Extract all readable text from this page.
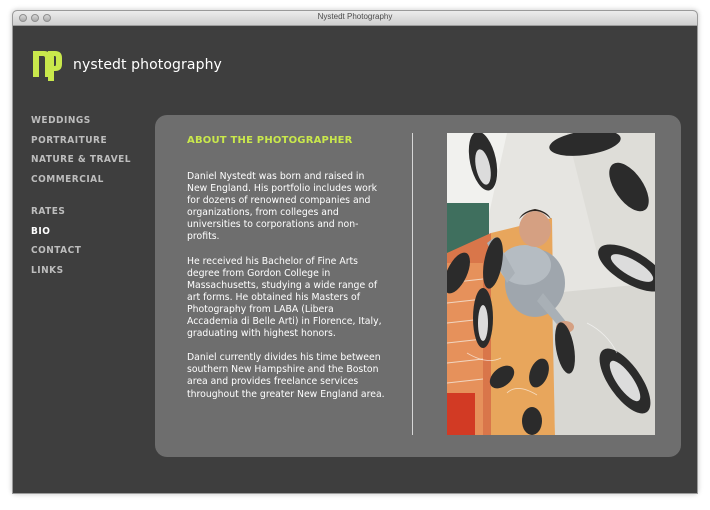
Nystedt Photography
nystedt photography
WEDDINGS
PORTRAITURE
NATURE & TRAVEL
COMMERCIAL
RATES
BIO
CONTACT
LINKS
ABOUT THE PHOTOGRAPHER

Daniel Nystedt was born and raised in New England. His portfolio includes work for dozens of renowned companies and organizations, from colleges and universities to corporations and non-profits.

He received his Bachelor of Fine Arts degree from Gordon College in Massachusetts, studying a wide range of art forms. He obtained his Masters of Photography from LABA (Libera Accademia di Belle Arti) in Florence, Italy, graduating with highest honors.

Daniel currently divides his time between southern New Hampshire and the Boston area and provides freelance services throughout the greater New England area.
